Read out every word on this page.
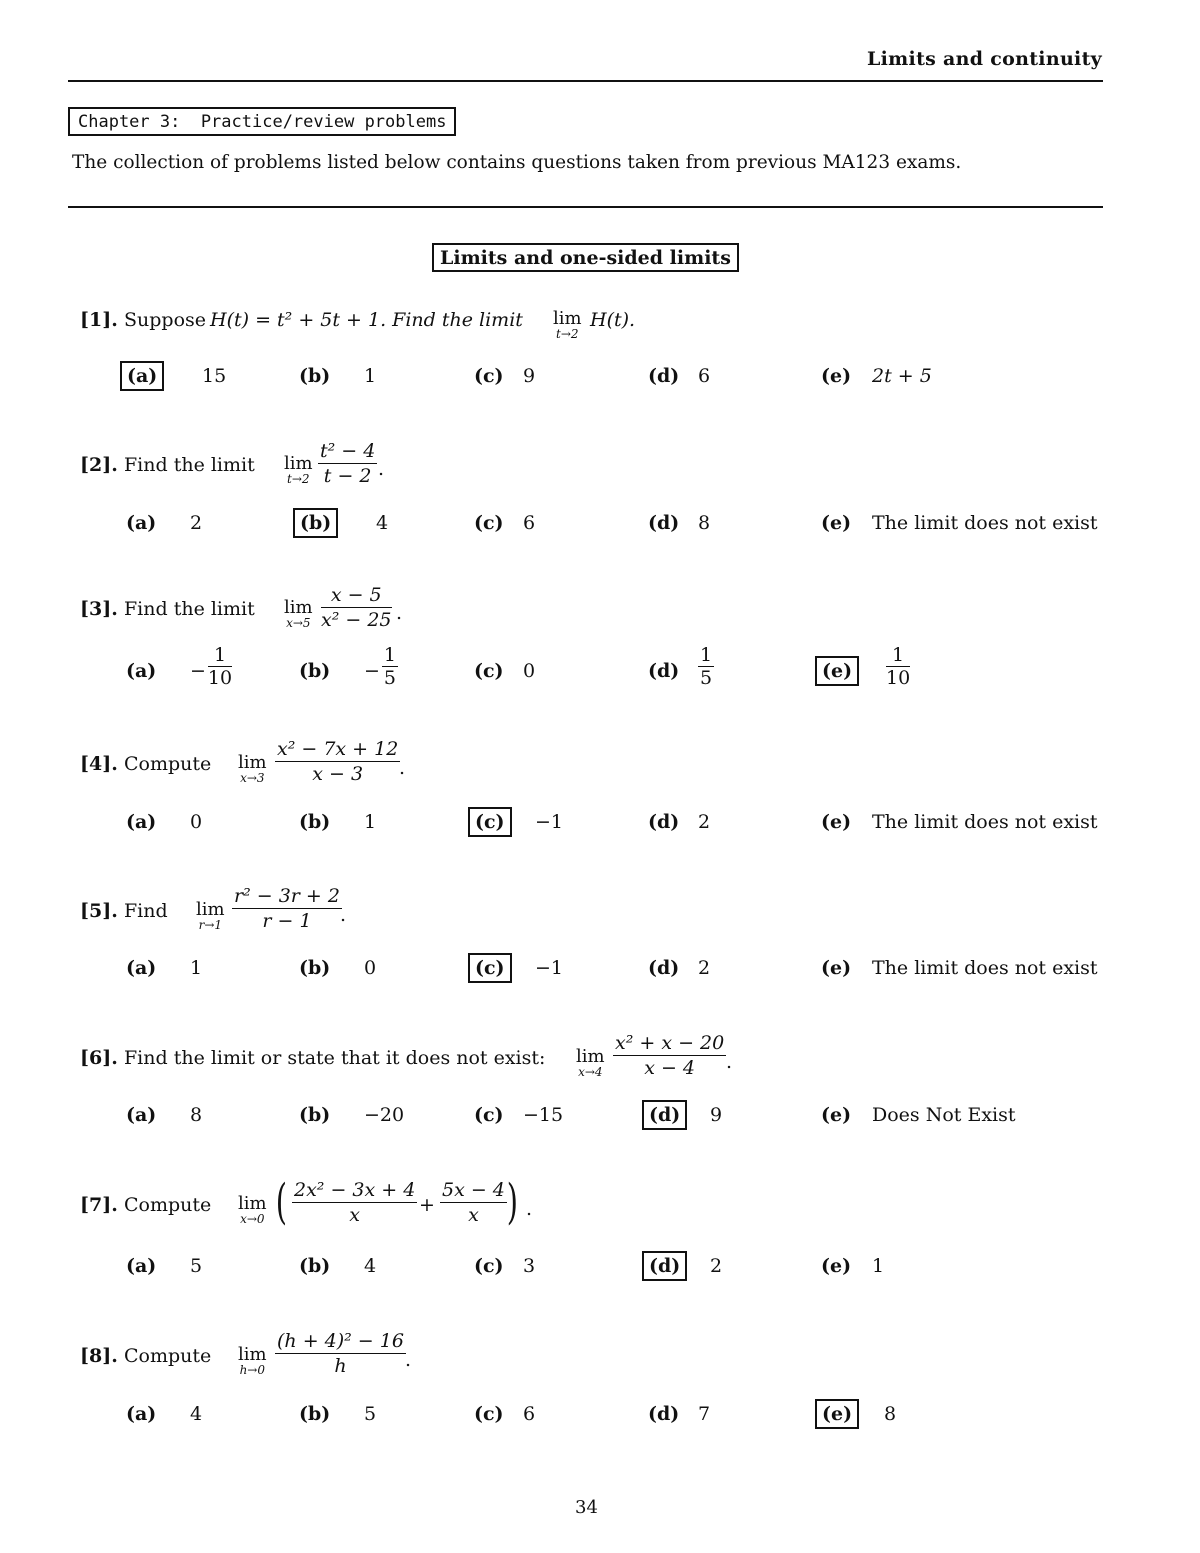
Limits and continuity
Chapter 3:  Practice/review problems
The collection of problems listed below contains questions taken from previous MA123 exams.
Limits and one-sided limits
[1]. Suppose H(t) = t² + 5t + 1. Find the limit lim
t→2
H(t).
[2]. Find the limit lim
$t\to 2 \frac{\text{t² − 4}}{t - 2}$ .
[3]. Find the limit lim
$x\to 5 \frac{x - 5}{\text{x² − 25}}$ .
[4]. Compute lim
$x\to 3 \frac{\text{x² − 7x + 12}}{x - 3}$
.
[5]. Find lim
$r\to 1 \frac{\text{r² − 3r + 2}}{r - 1}$
.
[6]. Find the limit or state that it does not exist: lim
$x\to 4 \frac{\text{x² + x − 20}}{x - 4}$ .
[7]. Compute lim
x→0 ( $\frac{\text{2x² − 3x + 4}}{x} + \frac{5x - 4}{x}$ ) .
[8]. Compute lim
$h\to 0 \frac{\text{(h + 4)² − 16}}{h}$ .
(a)	15	(b) 1	(c) 9	(d) 6	(e) 2t + 5
(a) 2	(b)	4	(c) 6	(d) 8	(e) The limit does not exist
$(a) - \frac{1}{10}$	$(b) - \frac{1}{5}$	(c) 0	$(d) \frac{1}{5}$	(e)	$\frac{1}{10}$
(a) 0	(b) 1	(c)	−1	(d) 2	(e) The limit does not exist
(a) 1	(b) 0	(c)	−1	(d) 2	(e) The limit does not exist
(a) 8	(b) −20	(c) −15	(d)	9	(e) Does Not Exist
(a) 5	(b) 4	(c) 3	(d)	2	(e) 1
(a) 4	(b) 5	(c) 6	(d) 7	(e)	8
34
